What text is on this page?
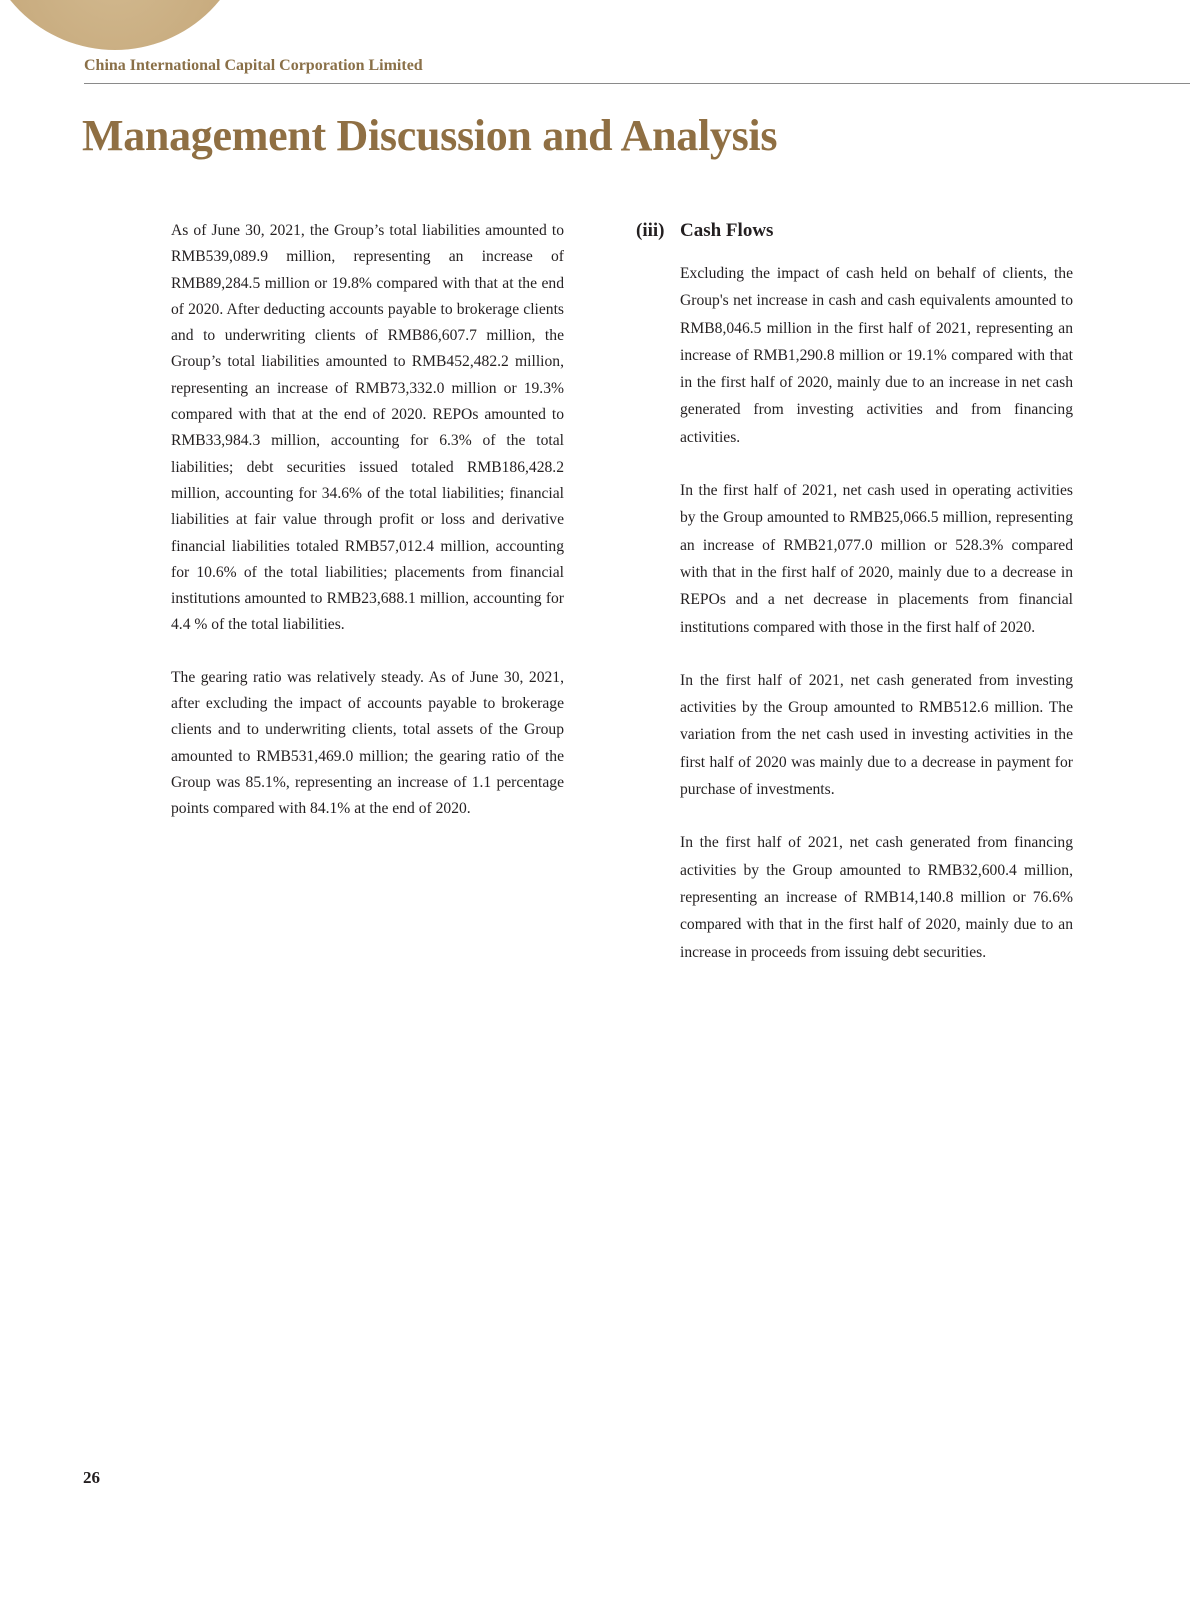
China International Capital Corporation Limited
Management Discussion and Analysis

As of June 30, 2021, the Group’s total liabilities amounted to RMB539,089.9 million, representing an increase of RMB89,284.5 million or 19.8% compared with that at the end of 2020. After deducting accounts payable to brokerage clients and to underwriting clients of RMB86,607.7 million, the Group’s total liabilities amounted to RMB452,482.2 million, representing an increase of RMB73,332.0 million or 19.3% compared with that at the end of 2020. REPOs amounted to RMB33,984.3 million, accounting for 6.3% of the total liabilities; debt securities issued totaled RMB186,428.2 million, accounting for 34.6% of the total liabilities; financial liabilities at fair value through profit or loss and derivative financial liabilities totaled RMB57,012.4 million, accounting for 10.6% of the total liabilities; placements from financial institutions amounted to RMB23,688.1 million, accounting for 4.4 % of the total liabilities.

The gearing ratio was relatively steady. As of June 30, 2021, after excluding the impact of accounts payable to brokerage clients and to underwriting clients, total assets of the Group amounted to RMB531,469.0 million; the gearing ratio of the Group was 85.1%, representing an increase of 1.1 percentage points compared with 84.1% at the end of 2020.

(iii) Cash Flows

Excluding the impact of cash held on behalf of clients, the Group's net increase in cash and cash equivalents amounted to RMB8,046.5 million in the first half of 2021, representing an increase of RMB1,290.8 million or 19.1% compared with that in the first half of 2020, mainly due to an increase in net cash generated from investing activities and from financing activities.

In the first half of 2021, net cash used in operating activities by the Group amounted to RMB25,066.5 million, representing an increase of RMB21,077.0 million or 528.3% compared with that in the first half of 2020, mainly due to a decrease in REPOs and a net decrease in placements from financial institutions compared with those in the first half of 2020.

In the first half of 2021, net cash generated from investing activities by the Group amounted to RMB512.6 million. The variation from the net cash used in investing activities in the first half of 2020 was mainly due to a decrease in payment for purchase of investments.

In the first half of 2021, net cash generated from financing activities by the Group amounted to RMB32,600.4 million, representing an increase of RMB14,140.8 million or 76.6% compared with that in the first half of 2020, mainly due to an increase in proceeds from issuing debt securities.

26
